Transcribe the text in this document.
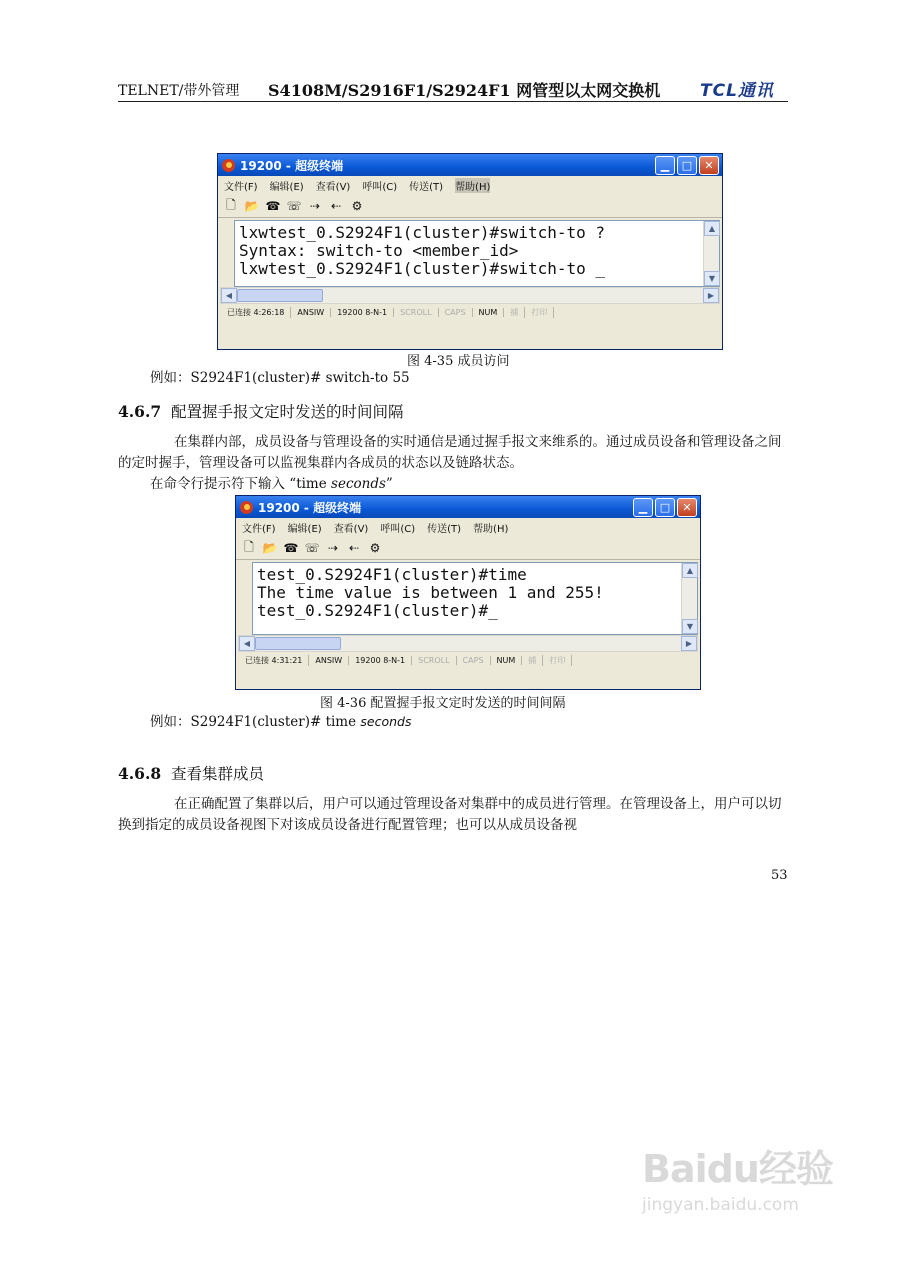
TELNET/带外管理 S4108M/S2916F1/S2924F1 网管型以太网交换机 TCL通讯
19200 - 超级终端	▁	□	✕
文件(F) 编辑(E) 查看(V) 呼叫(C) 传送(T) 帮助(H)
🗋 📂 ☎ ☏ ⇢ ⇠ ⚙
lxwtest_0.S2924F1(cluster)#switch-to ?
Syntax: switch-to <member_id>
lxwtest_0.S2924F1(cluster)#switch-to _
▲
▼
◀	▶
已连接 4:26:18	ANSIW	19200 8-N-1	SCROLL	CAPS	NUM	捕	打印
图 4-35 成员访问
例如：S2924F1(cluster)# switch-to 55
4.6.7 配置握手报文定时发送的时间间隔
在集群内部，成员设备与管理设备的实时通信是通过握手报文来维系的。通过成员设备和管理设备之间的定时握手，管理设备可以监视集群内各成员的状态以及链路状态。
在命令行提示符下输入 “time seconds”
19200 - 超级终端	▁	□	✕
文件(F) 编辑(E) 查看(V) 呼叫(C) 传送(T) 帮助(H)
🗋 📂 ☎ ☏ ⇢ ⇠ ⚙
test_0.S2924F1(cluster)#time
The time value is between 1 and 255!
test_0.S2924F1(cluster)#_
▲
▼
◀	▶
已连接 4:31:21	ANSIW	19200 8-N-1	SCROLL	CAPS	NUM	捕	打印
图 4-36 配置握手报文定时发送的时间间隔
例如：S2924F1(cluster)# time seconds
4.6.8 查看集群成员
在正确配置了集群以后，用户可以通过管理设备对集群中的成员进行管理。在管理设备上，用户可以切换到指定的成员设备视图下对该成员设备进行配置管理；也可以从成员设备视
53
Baidu经验
jingyan.baidu.com
